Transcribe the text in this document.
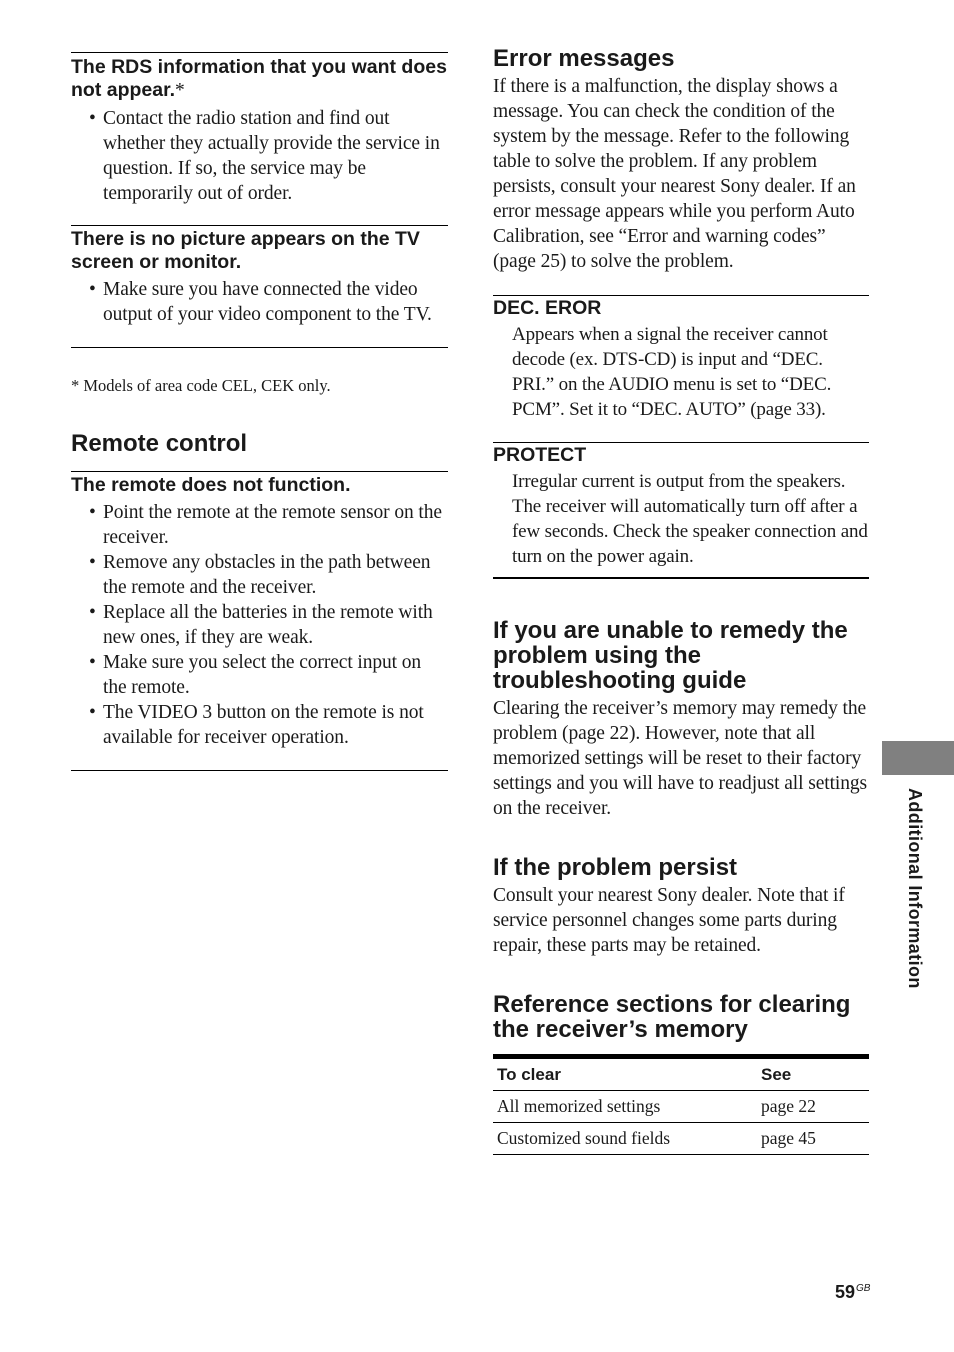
The RDS information that you want does not appear.*

• Contact the radio station and find out whether they actually provide the service in question. If so, the service may be temporarily out of order.

There is no picture appears on the TV screen or monitor.

• Make sure you have connected the video output of your video component to the TV.

* Models of area code CEL, CEK only.

Remote control

The remote does not function.

• Point the remote at the remote sensor on the receiver.
• Remove any obstacles in the path between the remote and the receiver.
• Replace all the batteries in the remote with new ones, if they are weak.
• Make sure you select the correct input on the remote.
• The VIDEO 3 button on the remote is not available for receiver operation.
Error messages

If there is a malfunction, the display shows a message. You can check the condition of the system by the message. Refer to the following table to solve the problem. If any problem persists, consult your nearest Sony dealer. If an error message appears while you perform Auto Calibration, see “Error and warning codes” (page 25) to solve the problem.

DEC. EROR

Appears when a signal the receiver cannot decode (ex. DTS-CD) is input and “DEC. PRI.” on the AUDIO menu is set to “DEC. PCM”. Set it to “DEC. AUTO” (page 33).

PROTECT

Irregular current is output from the speakers. The receiver will automatically turn off after a few seconds. Check the speaker connection and turn on the power again.

If you are unable to remedy the problem using the troubleshooting guide

Clearing the receiver’s memory may remedy the problem (page 22). However, note that all memorized settings will be reset to their factory settings and you will have to readjust all settings on the receiver.

If the problem persist

Consult your nearest Sony dealer. Note that if service personnel changes some parts during repair, these parts may be retained.

Reference sections for clearing the receiver’s memory
To clear	See
All memorized settings	page 22
Customized sound fields	page 45
Additional Information
$59^{GB}$
